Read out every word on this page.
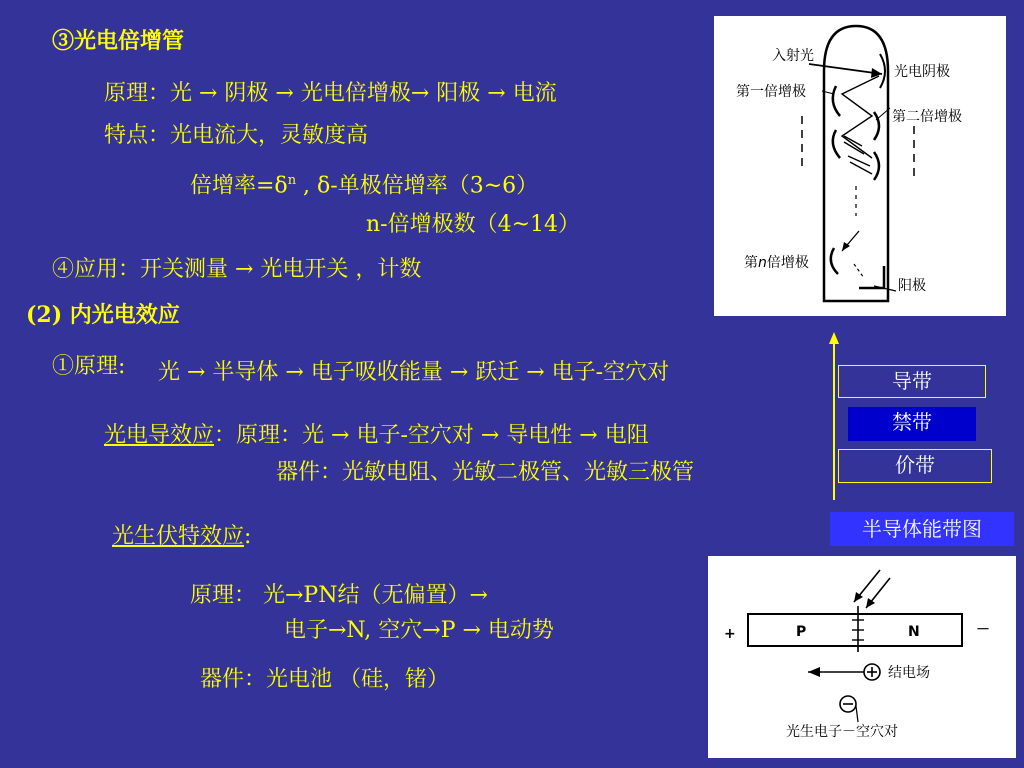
③光电倍增管
原理：光 → 阴极 → 光电倍增极→ 阳极 → 电流
特点：光电流大，灵敏度高
倍增率$=\delta^n$ , δ-单极倍增率（3~6）
n-倍增极数（4~14）
④应用：开关测量 → 光电开关 ，计数
入射光
光电阴极
第一倍增极
第二倍增极
第n倍增极
阳极
(2) 内光电效应
①原理: 光 → 半导体 → 电子吸收能量 → 跃迁 → 电子-空穴对
光电导效应：原理：光 → 电子-空穴对 → 导电性 → 电阻
器件：光敏电阻、光敏二极管、光敏三极管
导带
禁带
价带
半导体能带图
光生伏特效应:
原理： 光→PN结（无偏置）→
电子→N, 空穴→P → 电动势
器件：光电池 （硅，锗）
P	N
+	－
结电场
光生电子－空穴对
